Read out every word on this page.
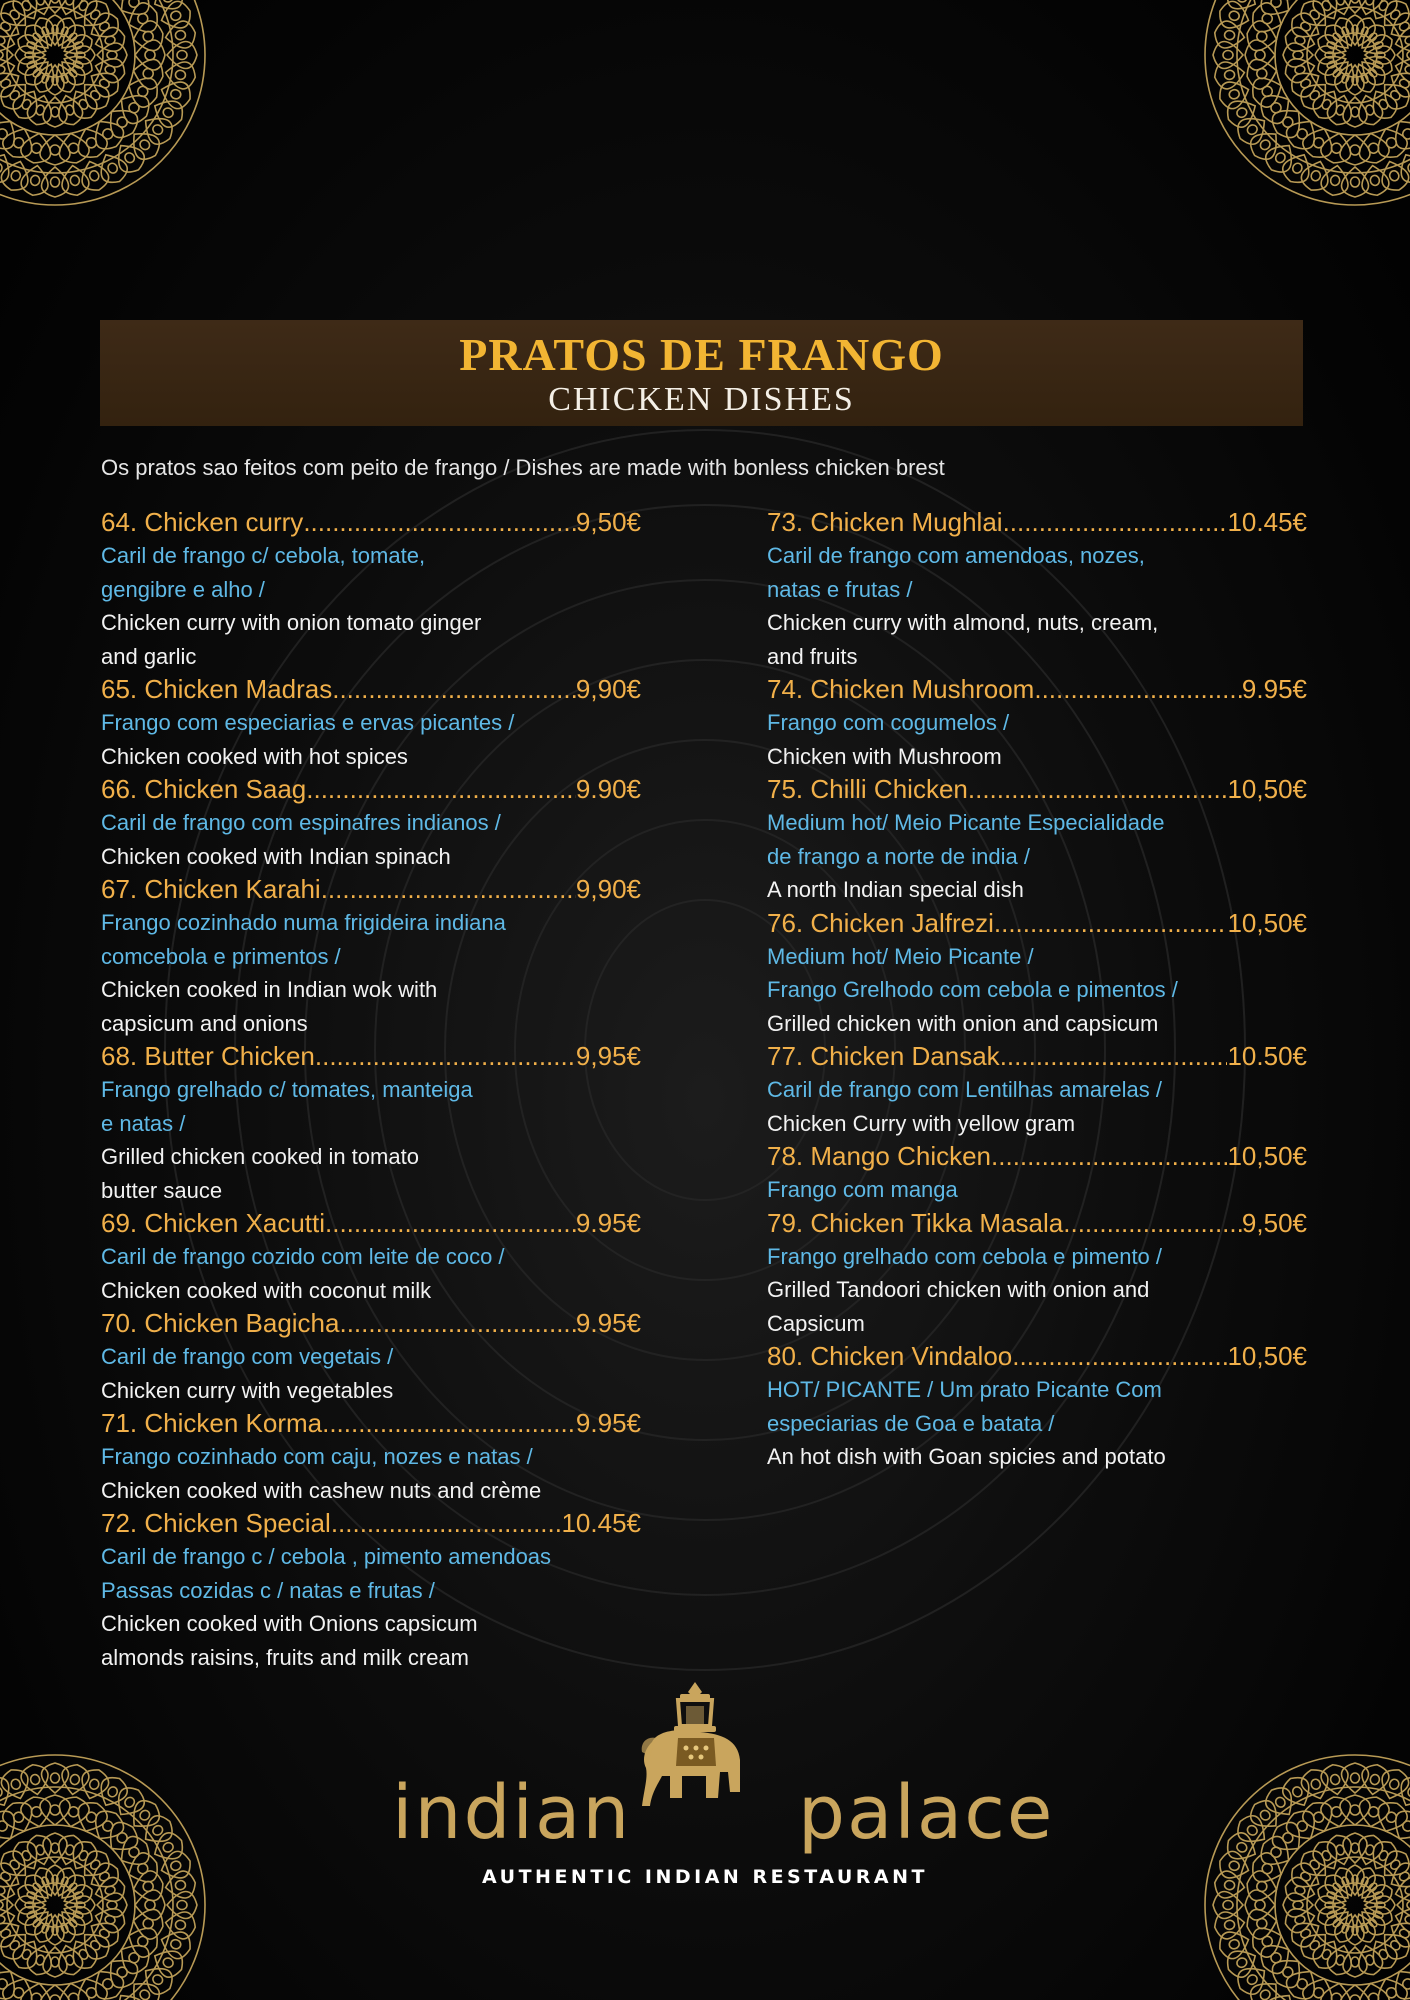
PRATOS DE FRANGO
CHICKEN DISHES
Os pratos sao feitos com peito de frango / Dishes are made with bonless chicken brest
64. Chicken curry .....	9,50€
Caril de frango c/ cebola, tomate,
gengibre e alho /
Chicken curry with onion tomato ginger
and garlic
65. Chicken Madras .....	9,90€
Frango com especiarias e ervas picantes /
Chicken cooked with hot spices
66. Chicken Saag .....	9.90€
Caril de frango com espinafres indianos /
Chicken cooked with Indian spinach
67. Chicken Karahi .....	9,90€
Frango cozinhado numa frigideira indiana
comcebola e primentos /
Chicken cooked in Indian wok with
capsicum and onions
68. Butter Chicken .....	9,95€
Frango grelhado c/ tomates, manteiga
e natas /
Grilled chicken cooked in tomato
butter sauce
69. Chicken Xacutti .....	9.95€
Caril de frango cozido com leite de coco /
Chicken cooked with coconut milk
70. Chicken Bagicha .....	9.95€
Caril de frango com vegetais /
Chicken curry with vegetables
71. Chicken Korma .....	9.95€
Frango cozinhado com caju, nozes e natas /
Chicken cooked with cashew nuts and crème
72. Chicken Special .....	10.45€
Caril de frango c / cebola , pimento amendoas
Passas cozidas c / natas e frutas /
Chicken cooked with Onions capsicum
almonds raisins, fruits and milk cream
73. Chicken Mughlai .....	10.45€
Caril de frango com amendoas, nozes,
natas e frutas /
Chicken curry with almond, nuts, cream,
and fruits
74. Chicken Mushroom .....	9.95€
Frango com cogumelos /
Chicken with Mushroom
75. Chilli Chicken .....	10,50€
Medium hot/ Meio Picante Especialidade
de frango a norte de india /
A north Indian special dish
76. Chicken Jalfrezi .....	10,50€
Medium hot/ Meio Picante /
Frango Grelhodo com cebola e pimentos /
Grilled chicken with onion and capsicum
77. Chicken Dansak .....	10.50€
Caril de frango com Lentilhas amarelas /
Chicken Curry with yellow gram
78. Mango Chicken .....	10,50€
Frango com manga
79. Chicken Tikka Masala .....	9,50€
Frango grelhado com cebola e pimento /
Grilled Tandoori chicken with onion and
Capsicum
80. Chicken Vindaloo .....	10,50€
HOT/ PICANTE / Um prato Picante Com
especiarias de Goa e batata /
An hot dish with Goan spicies and potato
indian palace
AUTHENTIC INDIAN RESTAURANT
